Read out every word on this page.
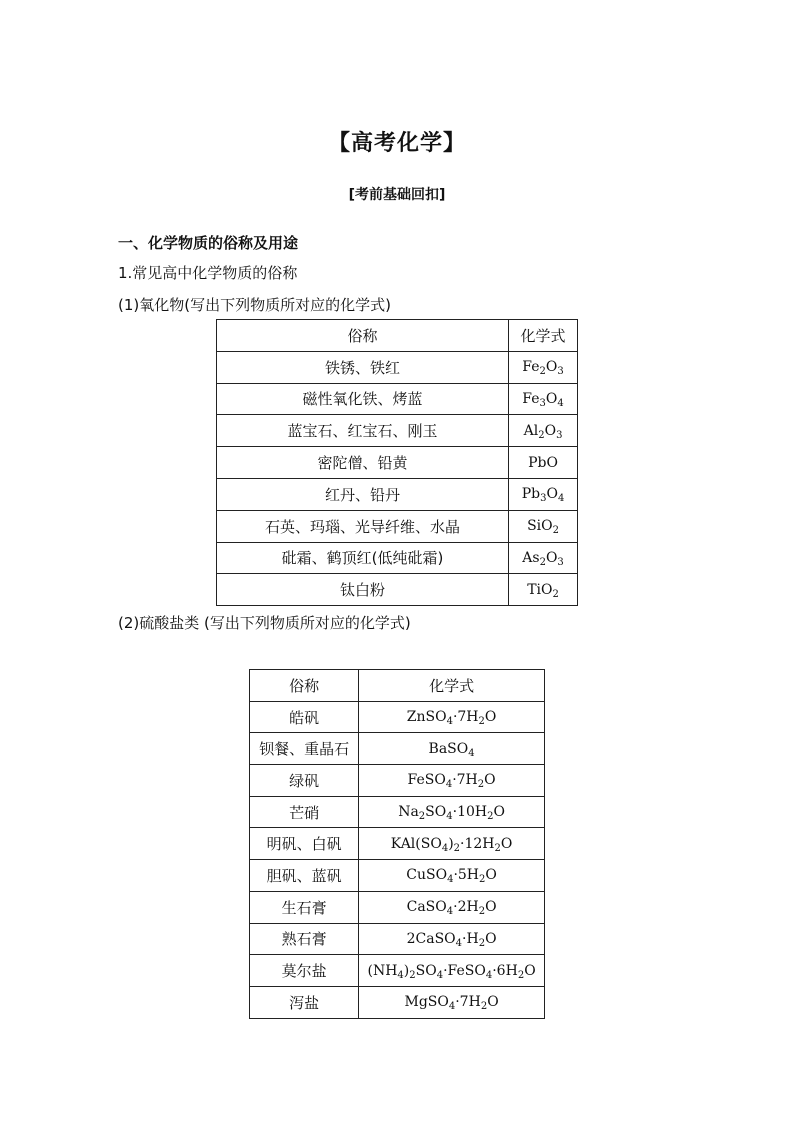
【高考化学】
[考前基础回扣]
一、化学物质的俗称及用途
1.常见高中化学物质的俗称
(1)氧化物(写出下列物质所对应的化学式)
俗称	化学式
铁锈、铁红	$Fe_2O_3$
磁性氧化铁、烤蓝	$Fe_3O_4$
蓝宝石、红宝石、刚玉	$Al_2O_3$
密陀僧、铅黄	PbO
红丹、铅丹	$Pb_3O_4$
石英、玛瑙、光导纤维、水晶	SiO$_2$
砒霜、鹤顶红(低纯砒霜)	$As_2O_3$
钛白粉	TiO$_2$
(2)硫酸盐类 (写出下列物质所对应的化学式)
俗称	化学式
皓矾	$ZnSO_4\cdot 7H_2O$
钡餐、重晶石	BaSO$_4$
绿矾	$FeSO_4\cdot 7H_2O$
芒硝	$Na_2SO_4\cdot 10H_2O$
明矾、白矾	$KAl(SO_4)_2\cdot 12H_2O$
胆矾、蓝矾	$CuSO_4\cdot 5H_2O$
生石膏	$CaSO_4\cdot 2H_2O$
熟石膏	$2CaSO_4\cdot H_2O$
莫尔盐	$(NH_4)_2SO_4\cdot FeSO_4\cdot 6H_2O$
泻盐	$MgSO_4\cdot 7H_2O$
